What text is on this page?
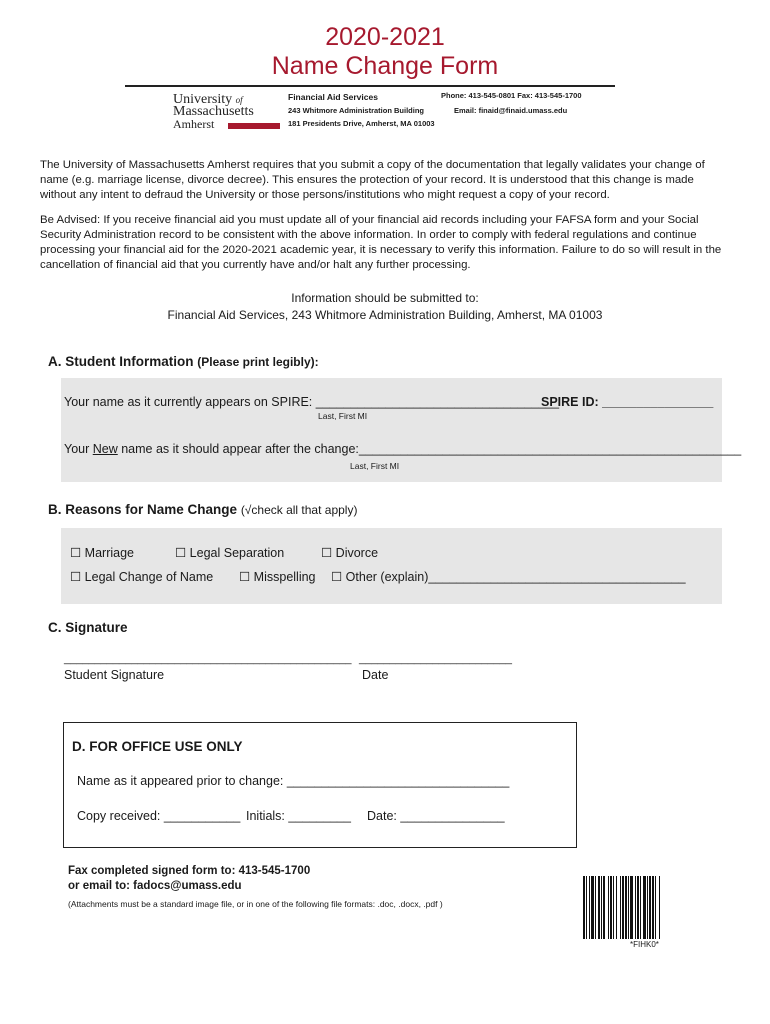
2020-2021
Name Change Form
University of
Massachusetts
Amherst
Financial Aid Services
243 Whitmore Administration Building
181 Presidents Drive, Amherst, MA 01003
Phone: 413-545-0801 Fax: 413-545-1700
Email: finaid@finaid.umass.edu
The University of Massachusetts Amherst requires that you submit a copy of the documentation that legally validates your change of name (e.g. marriage license, divorce decree). This ensures the protection of your record. It is understood that this change is made without any intent to defraud the University or those persons/institutions who might request a copy of your record.
Be Advised: If you receive financial aid you must update all of your financial aid records including your FAFSA form and your Social Security Administration record to be consistent with the above information. In order to comply with federal regulations and continue processing your financial aid for the 2020-2021 academic year, it is necessary to verify this information. Failure to do so will result in the cancellation of financial aid that you currently have and/or halt any further processing.
Information should be submitted to:
Financial Aid Services, 243 Whitmore Administration Building, Amherst, MA 01003
A. Student Information (Please print legibly):
Your name as it currently appears on SPIRE: ___________________________________
SPIRE ID: ________________
Last, First MI
Your New name as it should appear after the change:_______________________________________________________
Last, First MI
B. Reasons for Name Change (√check all that apply)
☐ Marriage	☐ Legal Separation	☐ Divorce
☐ Legal Change of Name ☐ Misspelling ☐ Other (explain)_____________________________________
C. Signature
_______________________________________________ _________________________
Student Signature	Date
D. FOR OFFICE USE ONLY
Name as it appeared prior to change: ________________________________
Copy received: ___________ Initials: _________ Date: _______________
Fax completed signed form to: 413-545-1700
or email to: fadocs@umass.edu
(Attachments must be a standard image file, or in one of the following file formats: .doc, .docx, .pdf )
*FIHK0*
